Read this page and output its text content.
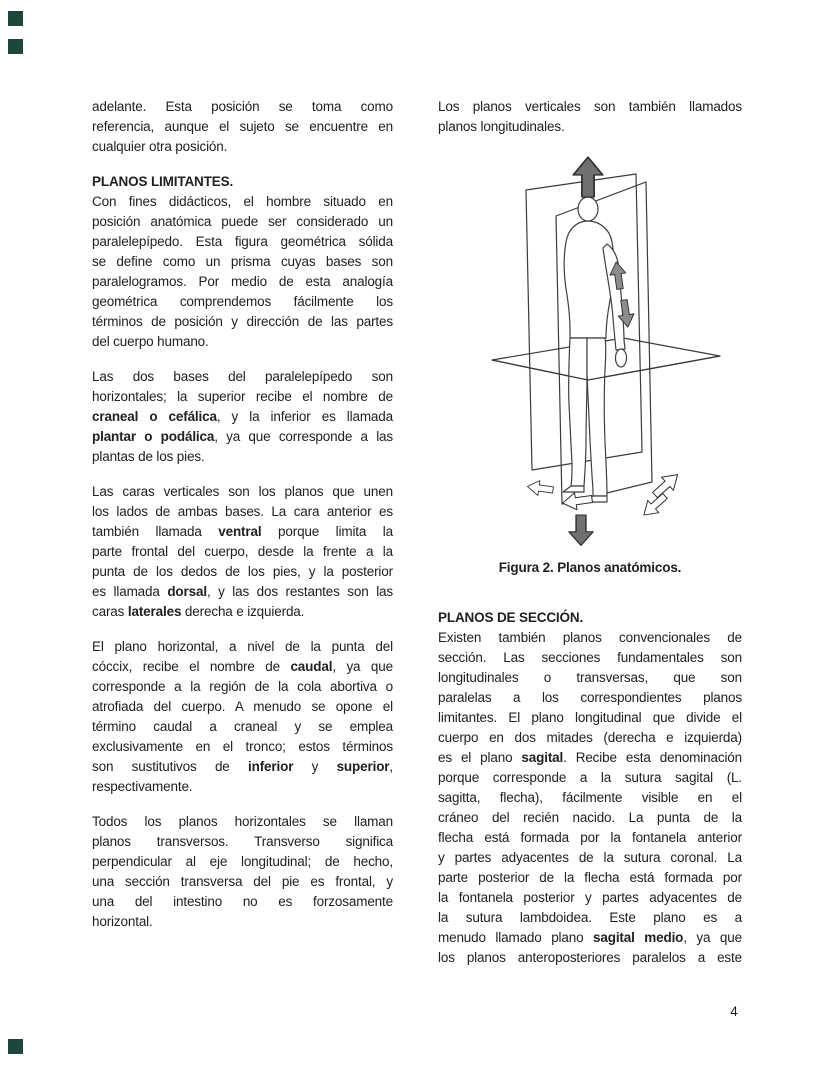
adelante. Esta posición se toma como
referencia, aunque el sujeto se encuentre en
cualquier otra posición.
PLANOS LIMITANTES.
Con fines didácticos, el hombre situado en
posición anatómica puede ser considerado un
paralelepípedo. Esta figura geométrica sólida
se define como un prisma cuyas bases son
paralelogramos. Por medio de esta analogía
geométrica comprendemos fácilmente los
términos de posición y dirección de las partes
del cuerpo humano.
Las dos bases del paralelepípedo son
horizontales; la superior recibe el nombre de
craneal o cefálica, y la inferior es llamada
plantar o podálica, ya que corresponde a las
plantas de los pies.
Las caras verticales son los planos que unen
los lados de ambas bases. La cara anterior es
también llamada ventral porque limita la
parte frontal del cuerpo, desde la frente a la
punta de los dedos de los pies, y la posterior
es llamada dorsal, y las dos restantes son las
caras laterales derecha e izquierda.
El plano horizontal, a nivel de la punta del
cóccix, recibe el nombre de caudal, ya que
corresponde a la región de la cola abortiva o
atrofiada del cuerpo. A menudo se opone el
término caudal a craneal y se emplea
exclusivamente en el tronco; estos términos
son sustitutivos de inferior y superior,
respectivamente.
Todos los planos horizontales se llaman
planos transversos. Transverso significa
perpendicular al eje longitudinal; de hecho,
una sección transversa del pie es frontal, y
una del intestino no es forzosamente
horizontal.
Los planos verticales son también llamados
planos longitudinales.
Figura 2. Planos anatómicos.
PLANOS DE SECCIÓN.
Existen también planos convencionales de
sección. Las secciones fundamentales son
longitudinales o transversas, que son
paralelas a los correspondientes planos
limitantes. El plano longitudinal que divide el
cuerpo en dos mitades (derecha e izquierda)
es el plano sagital. Recibe esta denominación
porque corresponde a la sutura sagital (L.
sagitta, flecha), fácilmente visible en el
cráneo del recién nacido. La punta de la
flecha está formada por la fontanela anterior
y partes adyacentes de la sutura coronal. La
parte posterior de la flecha está formada por
la fontanela posterior y partes adyacentes de
la sutura lambdoidea. Este plano es a
menudo llamado plano sagital medio, ya que
los planos anteroposteriores paralelos a este
4
